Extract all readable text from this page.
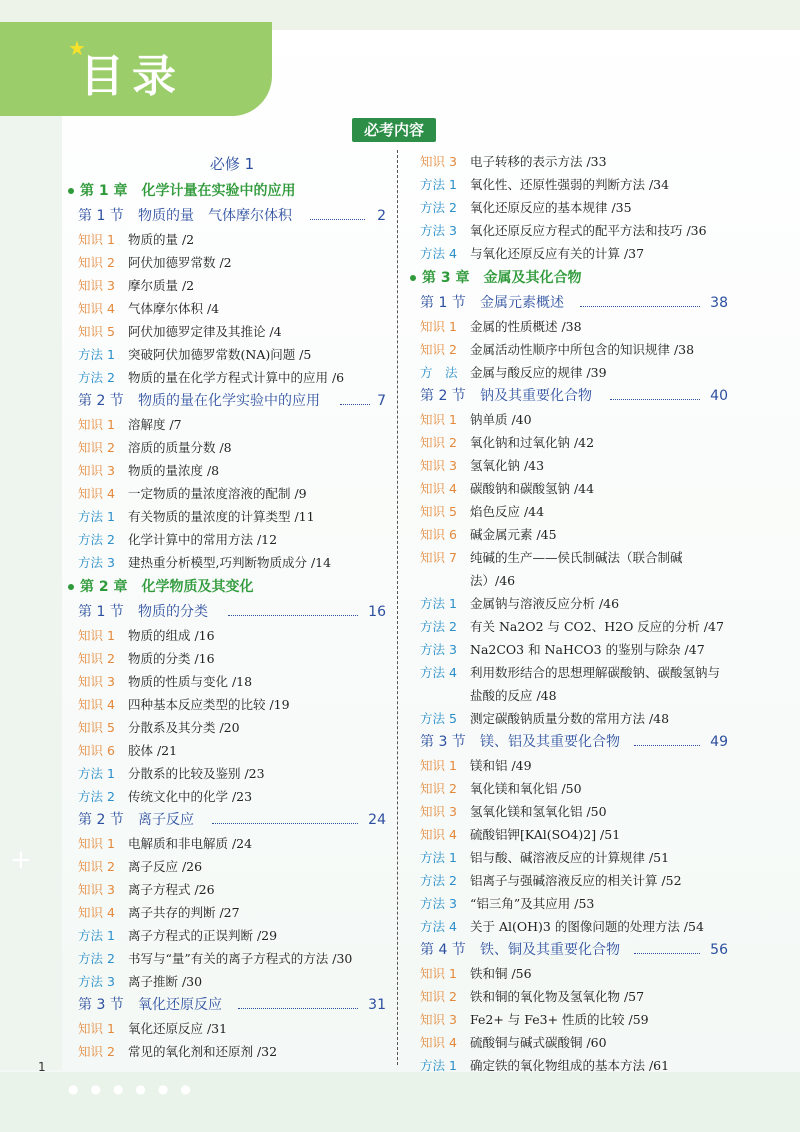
+
★
目录
必考内容
必修 1
第 1 章　化学计量在实验中的应用
第 1 节 物质的量　气体摩尔体积	2
知识 1 物质的量 /2
知识 2 阿伏加德罗常数 /2
知识 3 摩尔质量 /2
知识 4 气体摩尔体积 /4
知识 5 阿伏加德罗定律及其推论 /4
方法 1 突破阿伏加德罗常数(NA)问题 /5
方法 2 物质的量在化学方程式计算中的应用 /6
第 2 节 物质的量在化学实验中的应用	7
知识 1 溶解度 /7
知识 2 溶质的质量分数 /8
知识 3 物质的量浓度 /8
知识 4 一定物质的量浓度溶液的配制 /9
方法 1 有关物质的量浓度的计算类型 /11
方法 2 化学计算中的常用方法 /12
方法 3 建热重分析模型,巧判断物质成分 /14
第 2 章　化学物质及其变化
第 1 节 物质的分类	16
知识 1 物质的组成 /16
知识 2 物质的分类 /16
知识 3 物质的性质与变化 /18
知识 4 四种基本反应类型的比较 /19
知识 5 分散系及其分类 /20
知识 6 胶体 /21
方法 1 分散系的比较及鉴别 /23
方法 2 传统文化中的化学 /23
第 2 节 离子反应	24
知识 1 电解质和非电解质 /24
知识 2 离子反应 /26
知识 3 离子方程式 /26
知识 4 离子共存的判断 /27
方法 1 离子方程式的正误判断 /29
方法 2 书写与“量”有关的离子方程式的方法 /30
方法 3 离子推断 /30
第 3 节 氧化还原反应	31
知识 1 氧化还原反应 /31
知识 2 常见的氧化剂和还原剂 /32
知识 3 电子转移的表示方法 /33
方法 1 氧化性、还原性强弱的判断方法 /34
方法 2 氧化还原反应的基本规律 /35
方法 3 氧化还原反应方程式的配平方法和技巧 /36
方法 4 与氧化还原反应有关的计算 /37
第 3 章　金属及其化合物
第 1 节 金属元素概述	38
知识 1 金属的性质概述 /38
知识 2 金属活动性顺序中所包含的知识规律 /38
方　法 金属与酸反应的规律 /39
第 2 节 钠及其重要化合物	40
知识 1 钠单质 /40
知识 2 氧化钠和过氧化钠 /42
知识 3 氢氧化钠 /43
知识 4 碳酸钠和碳酸氢钠 /44
知识 5 焰色反应 /44
知识 6 碱金属元素 /45
知识 7 纯碱的生产——侯氏制碱法（联合制碱法）/46
方法 1 金属钠与溶液反应分析 /46
方法 2 有关 Na2O2 与 CO2、H2O 反应的分析 /47
方法 3 Na2CO3 和 NaHCO3 的鉴别与除杂 /47
方法 4 利用数形结合的思想理解碳酸钠、碳酸氢钠与盐酸的反应 /48
方法 5 测定碳酸钠质量分数的常用方法 /48
第 3 节 镁、铝及其重要化合物	49
知识 1 镁和铝 /49
知识 2 氧化镁和氧化铝 /50
知识 3 氢氧化镁和氢氧化铝 /50
知识 4 硫酸铝钾[KAl(SO4)2] /51
方法 1 铝与酸、碱溶液反应的计算规律 /51
方法 2 铝离子与强碱溶液反应的相关计算 /52
方法 3 “铝三角”及其应用 /53
方法 4 关于 Al(OH)3 的图像问题的处理方法 /54
第 4 节 铁、铜及其重要化合物	56
知识 1 铁和铜 /56
知识 2 铁和铜的氧化物及氢氧化物 /57
知识 3 Fe2+ 与 Fe3+ 性质的比较 /59
知识 4 硫酸铜与碱式碳酸铜 /60
方法 1 确定铁的氧化物组成的基本方法 /61
1
●●●●●●
